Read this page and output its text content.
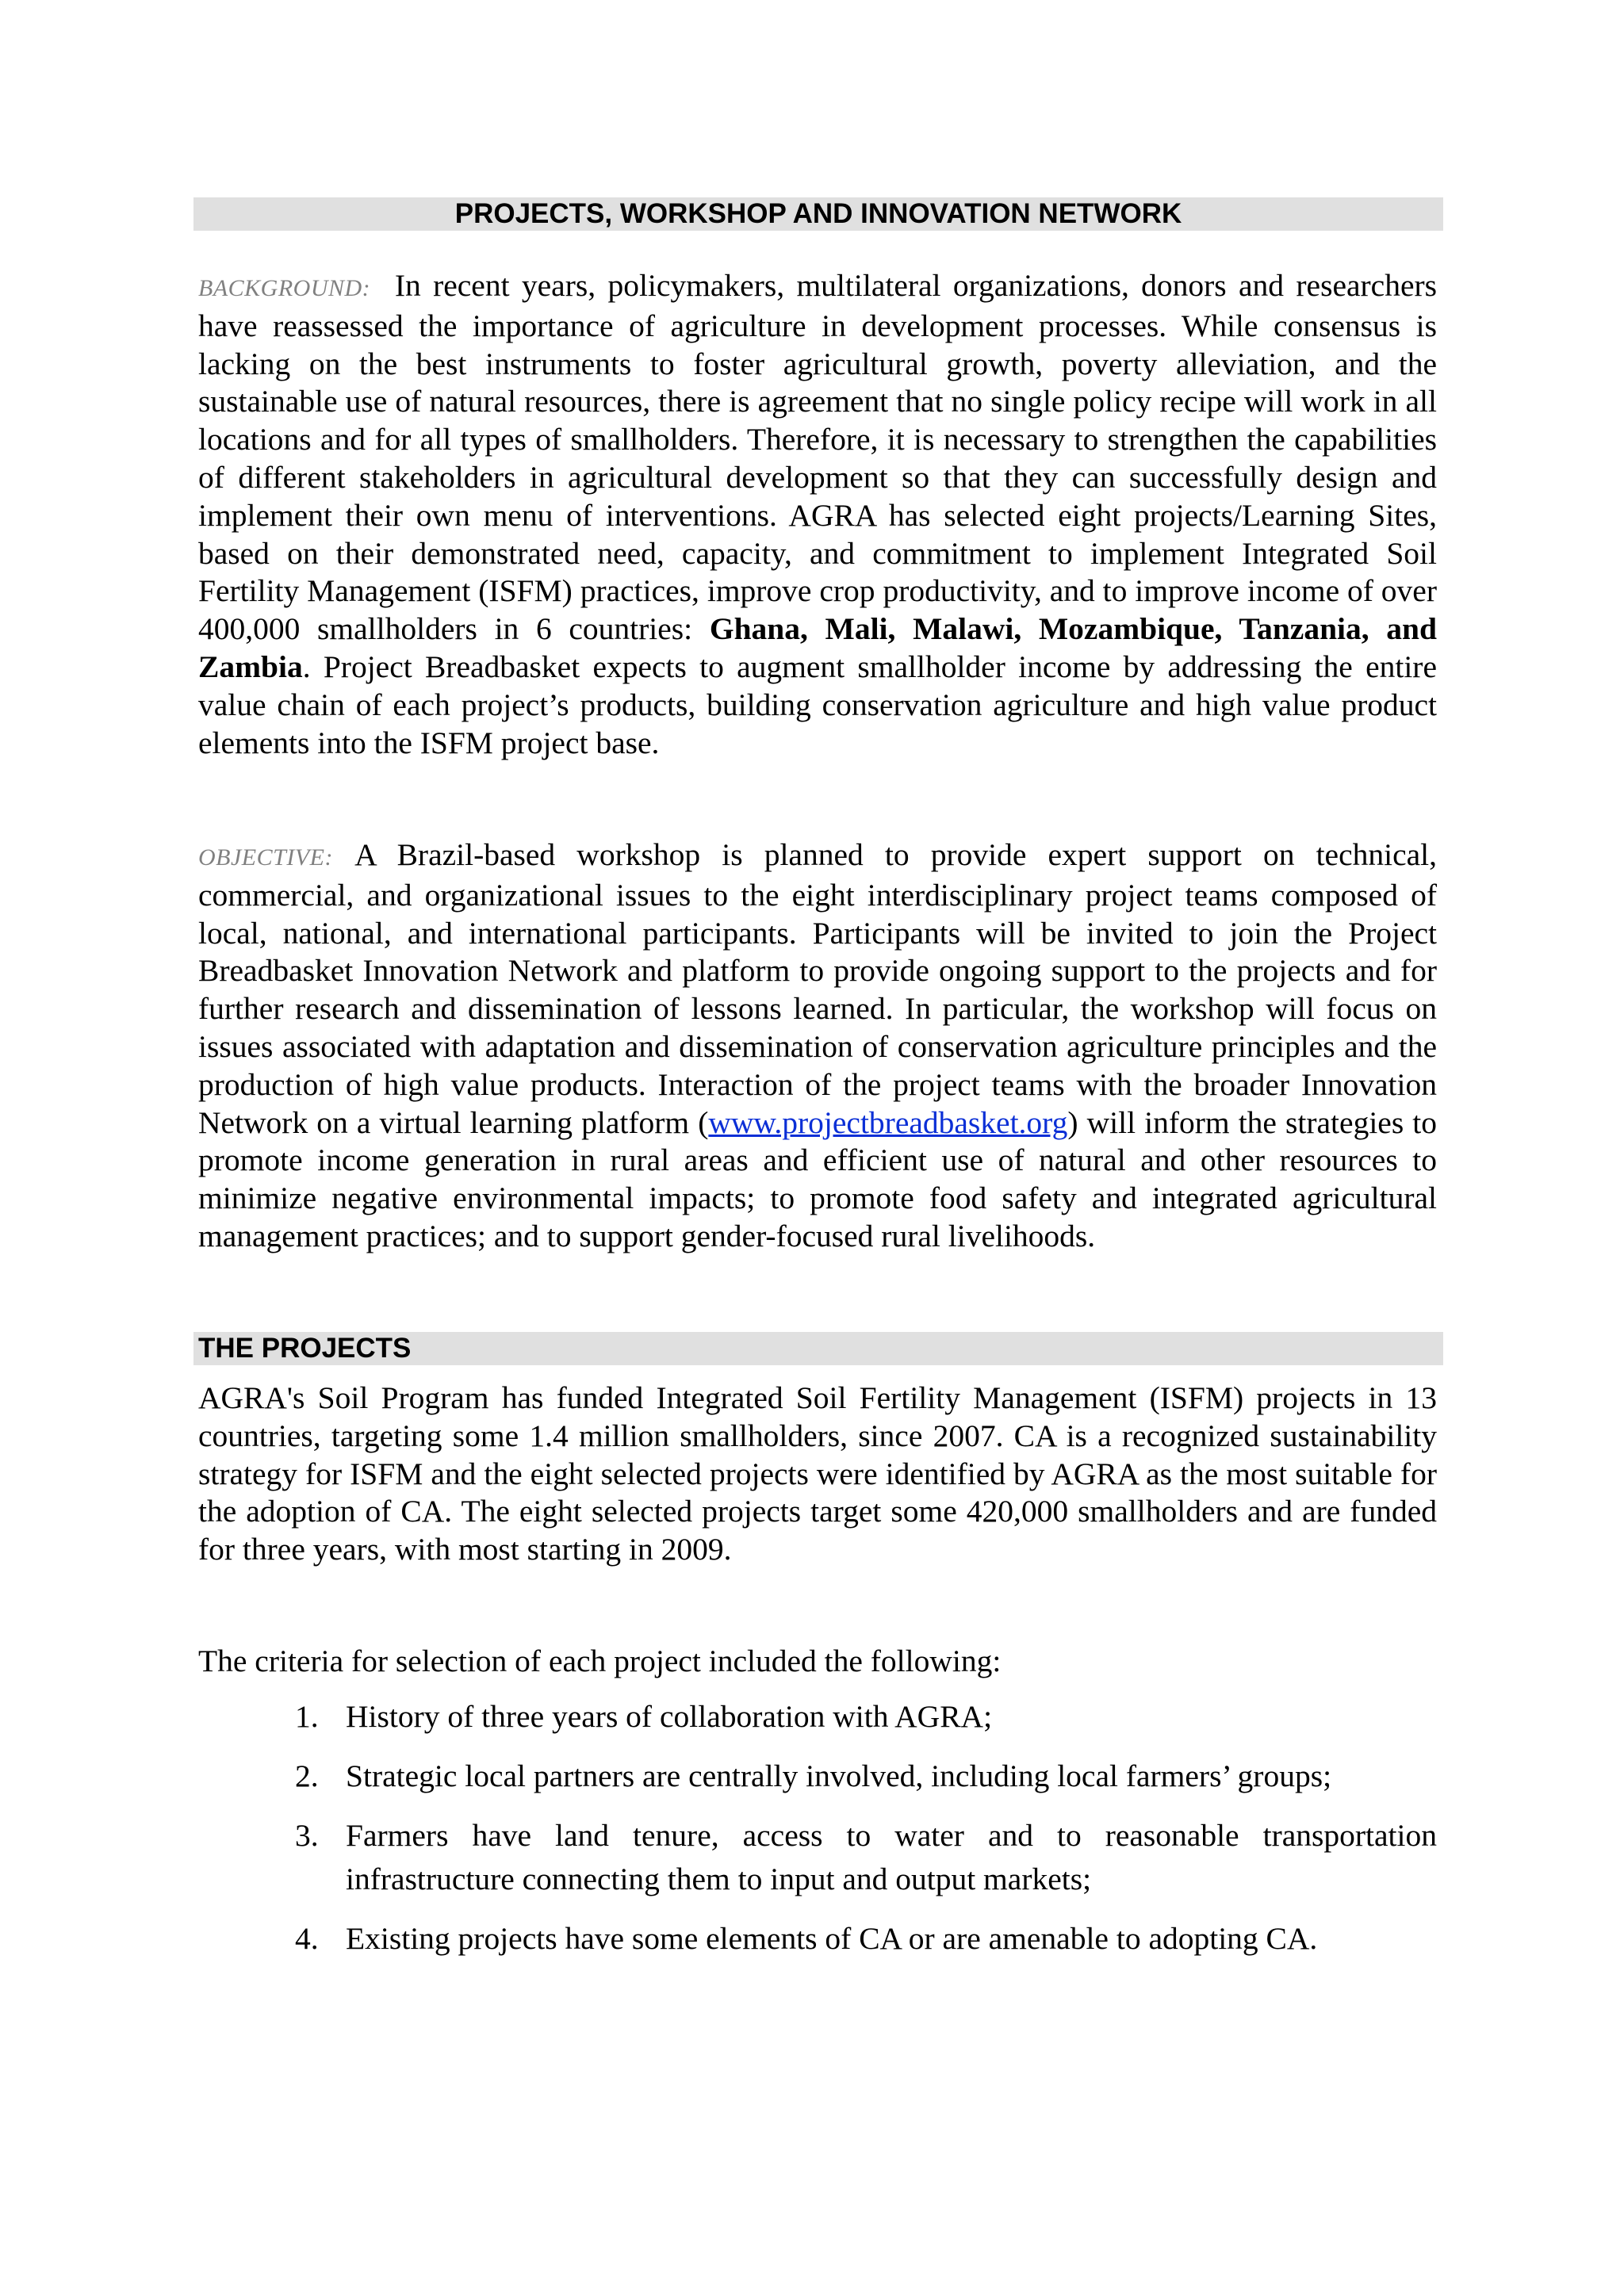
PROJECTS, WORKSHOP AND INNOVATION NETWORK

BACKGROUND: In recent years, policymakers, multilateral organizations, donors and researchers have reassessed the importance of agriculture in development processes. While consensus is lacking on the best instruments to foster agricultural growth, poverty alleviation, and the sustainable use of natural resources, there is agreement that no single policy recipe will work in all locations and for all types of smallholders. Therefore, it is necessary to strengthen the capabilities of different stakeholders in agricultural development so that they can successfully design and implement their own menu of interventions. AGRA has selected eight projects/Learning Sites, based on their demonstrated need, capacity, and commitment to implement Integrated Soil Fertility Management (ISFM) practices, improve crop productivity, and to improve income of over 400,000 smallholders in 6 countries: Ghana, Mali, Malawi, Mozambique, Tanzania, and Zambia. Project Breadbasket expects to augment smallholder income by addressing the entire value chain of each project’s products, building conservation agriculture and high value product elements into the ISFM project base.

OBJECTIVE: A Brazil-based workshop is planned to provide expert support on technical, commercial, and organizational issues to the eight interdisciplinary project teams composed of local, national, and international participants. Participants will be invited to join the Project Breadbasket Innovation Network and platform to provide ongoing support to the projects and for further research and dissemination of lessons learned. In particular, the workshop will focus on issues associated with adaptation and dissemination of conservation agriculture principles and the production of high value products. Interaction of the project teams with the broader Innovation Network on a virtual learning platform (www.projectbreadbasket.org) will inform the strategies to promote income generation in rural areas and efficient use of natural and other resources to minimize negative environmental impacts; to promote food safety and integrated agricultural management practices; and to support gender-focused rural livelihoods.

THE PROJECTS

AGRA's Soil Program has funded Integrated Soil Fertility Management (ISFM) projects in 13 countries, targeting some 1.4 million smallholders, since 2007. CA is a recognized sustainability strategy for ISFM and the eight selected projects were identified by AGRA as the most suitable for the adoption of CA. The eight selected projects target some 420,000 smallholders and are funded for three years, with most starting in 2009.

The criteria for selection of each project included the following:

1. History of three years of collaboration with AGRA;
2. Strategic local partners are centrally involved, including local farmers’ groups;
3. Farmers have land tenure, access to water and to reasonable transportation infrastructure connecting them to input and output markets;
4. Existing projects have some elements of CA or are amenable to adopting CA.
